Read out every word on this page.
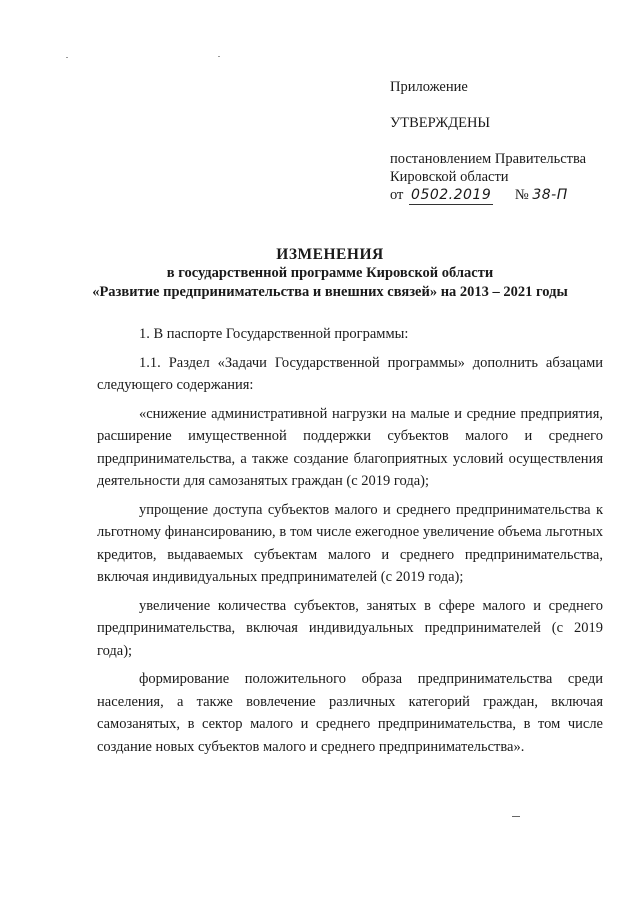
Приложение
УТВЕРЖДЕНЫ
постановлением Правительства
Кировской области
от 0502.2019 № 38-П
ИЗМЕНЕНИЯ
в государственной программе Кировской области
«Развитие предпринимательства и внешних связей» на 2013 – 2021 годы

1. В паспорте Государственной программы:

1.1. Раздел «Задачи Государственной программы» дополнить абзацами следующего содержания:

«снижение административной нагрузки на малые и средние предприятия, расширение имущественной поддержки субъектов малого и среднего предпринимательства, а также создание благоприятных условий осуществления деятельности для самозанятых граждан (с 2019 года);

упрощение доступа субъектов малого и среднего предпринимательства к льготному финансированию, в том числе ежегодное увеличение объема льготных кредитов, выдаваемых субъектам малого и среднего предпринимательства, включая индивидуальных предпринимателей (с 2019 года);

увеличение количества субъектов, занятых в сфере малого и среднего предпринимательства, включая индивидуальных предпринимателей (с 2019 года);

формирование положительного образа предпринимательства среди населения, а также вовлечение различных категорий граждан, включая самозанятых, в сектор малого и среднего предпринимательства, в том числе создание новых субъектов малого и среднего предпринимательства».
